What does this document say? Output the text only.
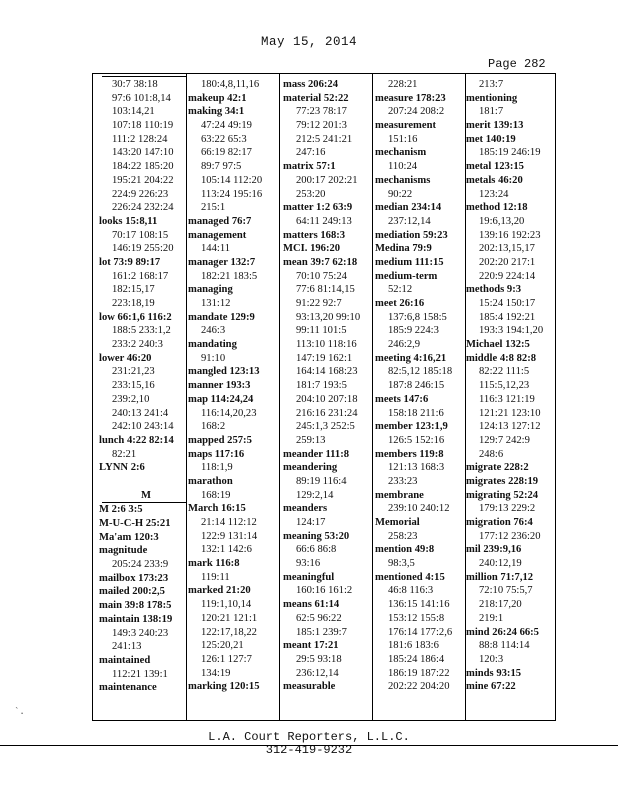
May 15, 2014
Page 282
30:7 38:18
97:6 101:8,14
103:14,21
107:18 110:19
111:2 128:24
143:20 147:10
184:22 185:20
195:21 204:22
224:9 226:23
226:24 232:24
looks 15:8,11
70:17 108:15
146:19 255:20
lot 73:9 89:17
161:2 168:17
182:15,17
223:18,19
low 66:1,6 116:2
188:5 233:1,2
233:2 240:3
lower 46:20
231:21,23
233:15,16
239:2,10
240:13 241:4
242:10 243:14
lunch 4:22 82:14
82:21
LYNN 2:6
M
M 2:6 3:5
M-U-C-H 25:21
Ma'am 120:3
magnitude
205:24 233:9
mailbox 173:23
mailed 200:2,5
main 39:8 178:5
maintain 138:19
149:3 240:23
241:13
maintained
112:21 139:1
maintenance
180:4,8,11,16
makeup 42:1
making 34:1
47:24 49:19
63:22 65:3
66:19 82:17
89:7 97:5
105:14 112:20
113:24 195:16
215:1
managed 76:7
management
144:11
manager 132:7
182:21 183:5
managing
131:12
mandate 129:9
246:3
mandating
91:10
mangled 123:13
manner 193:3
map 114:24,24
116:14,20,23
168:2
mapped 257:5
maps 117:16
118:1,9
marathon
168:19
March 16:15
21:14 112:12
122:9 131:14
132:1 142:6
mark 116:8
119:11
marked 21:20
119:1,10,14
120:21 121:1
122:17,18,22
125:20,21
126:1 127:7
134:19
marking 120:15
mass 206:24
material 52:22
77:23 78:17
79:12 201:3
212:5 241:21
247:16
matrix 57:1
200:17 202:21
253:20
matter 1:2 63:9
64:11 249:13
matters 168:3
MCI. 196:20
mean 39:7 62:18
70:10 75:24
77:6 81:14,15
91:22 92:7
93:13,20 99:10
99:11 101:5
113:10 118:16
147:19 162:1
164:14 168:23
181:7 193:5
204:10 207:18
216:16 231:24
245:1,3 252:5
259:13
meander 111:8
meandering
89:19 116:4
129:2,14
meanders
124:17
meaning 53:20
66:6 86:8
93:16
meaningful
160:16 161:2
means 61:14
62:5 96:22
185:1 239:7
meant 17:21
29:5 93:18
236:12,14
measurable
228:21
measure 178:23
207:24 208:2
measurement
151:16
mechanism
110:24
mechanisms
90:22
median 234:14
237:12,14
mediation 59:23
Medina 79:9
medium 111:15
medium-term
52:12
meet 26:16
137:6,8 158:5
185:9 224:3
246:2,9
meeting 4:16,21
82:5,12 185:18
187:8 246:15
meets 147:6
158:18 211:6
member 123:1,9
126:5 152:16
members 119:8
121:13 168:3
233:23
membrane
239:10 240:12
Memorial
258:23
mention 49:8
98:3,5
mentioned 4:15
46:8 116:3
136:15 141:16
153:12 155:8
176:14 177:2,6
181:6 183:6
185:24 186:4
186:19 187:22
202:22 204:20
213:7
mentioning
181:7
merit 139:13
met 140:19
185:19 246:19
metal 123:15
metals 46:20
123:24
method 12:18
19:6,13,20
139:16 192:23
202:13,15,17
202:20 217:1
220:9 224:14
methods 9:3
15:24 150:17
185:4 192:21
193:3 194:1,20
Michael 132:5
middle 4:8 82:8
82:22 111:5
115:5,12,23
116:3 121:19
121:21 123:10
124:13 127:12
129:7 242:9
248:6
migrate 228:2
migrates 228:19
migrating 52:24
179:13 229:2
migration 76:4
177:12 236:20
mil 239:9,16
240:12,19
million 71:7,12
72:10 75:5,7
218:17,20
219:1
mind 26:24 66:5
88:8 114:14
120:3
minds 93:15
mine 67:22
L.A. Court Reporters, L.L.C.
312-419-9232
`.
